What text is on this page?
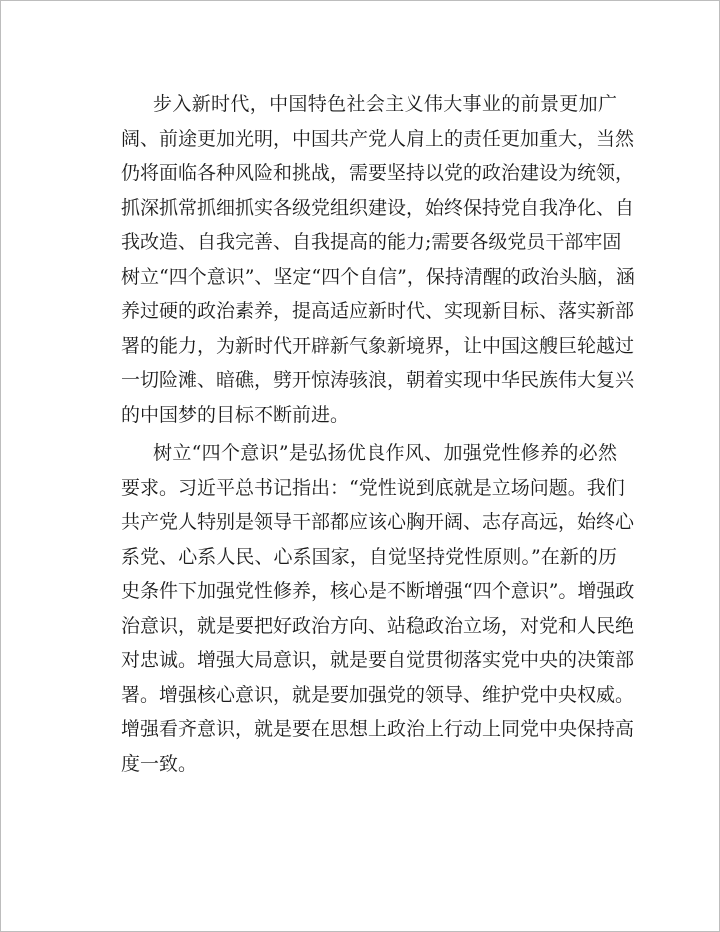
步入新时代，中国特色社会主义伟大事业的前景更加广
阔、前途更加光明，中国共产党人肩上的责任更加重大，当然
仍将面临各种风险和挑战，需要坚持以党的政治建设为统领，
抓深抓常抓细抓实各级党组织建设，始终保持党自我净化、自
我改造、自我完善、自我提高的能力;需要各级党员干部牢固
树立“四个意识”、坚定“四个自信”，保持清醒的政治头脑，涵
养过硬的政治素养，提高适应新时代、实现新目标、落实新部
署的能力，为新时代开辟新气象新境界，让中国这艘巨轮越过
一切险滩、暗礁，劈开惊涛骇浪，朝着实现中华民族伟大复兴
的中国梦的目标不断前进。
树立“四个意识”是弘扬优良作风、加强党性修养的必然
要求。习近平总书记指出：“党性说到底就是立场问题。我们
共产党人特别是领导干部都应该心胸开阔、志存高远，始终心
系党、心系人民、心系国家，自觉坚持党性原则。”在新的历
史条件下加强党性修养，核心是不断增强“四个意识”。增强政
治意识，就是要把好政治方向、站稳政治立场，对党和人民绝
对忠诚。增强大局意识，就是要自觉贯彻落实党中央的决策部
署。增强核心意识，就是要加强党的领导、维护党中央权威。
增强看齐意识，就是要在思想上政治上行动上同党中央保持高
度一致。
